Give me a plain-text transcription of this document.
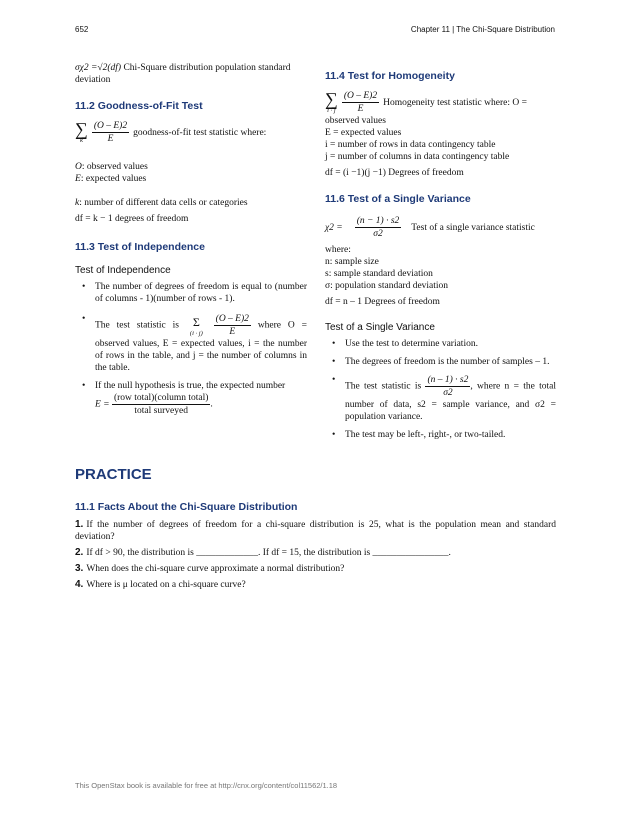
652	Chapter 11 | The Chi-Square Distribution

σχ2 =√2(df) Chi-Square distribution population standard deviation

11.2 Goodness-of-Fit Test
∑
k $\frac{(O - E)2}{E}$ goodness-of-fit test statistic where:

O: observed values

E: expected values

k: number of different data cells or categories

df = k − 1 degrees of freedom

11.3 Test of Independence

Test of Independence

• The number of degrees of freedom is equal to (number of columns - 1)(number of rows - 1).
• The test statistic is Σ
(i · j)
$\frac{(O - E)2}{E}$ where O = observed values, E = expected values, i = the number of rows in the table, and j = the number of columns in the table.
• If the null hypothesis is true, the expected number
$E = \frac{\text{(row total)(column total)}}{\text{total surveyed}}$ .
11.4 Test for Homogeneity
∑
i · j $\frac{(O - E)2}{E}$ Homogeneity test statistic where: O =

observed values

E = expected values

i = number of rows in data contingency table

j = number of columns in data contingency table

df = (i −1)(j −1) Degrees of freedom

11.6 Test of a Single Variance
$\chi 2 = \frac{(n - 1) \cdot s2}{\sigma 2}$ Test of a single variance statistic

where:

n: sample size

s: sample standard deviation

σ: population standard deviation

df = n – 1 Degrees of freedom

Test of a Single Variance

• Use the test to determine variation.
• The degrees of freedom is the number of samples – 1.
• The test statistic is $\frac{(n - 1) \cdot s2}{\sigma 2}$ , where n = the total number of data, s2 = sample variance, and σ2 = population variance.
• The test may be left-, right-, or two-tailed.
PRACTICE
11.1 Facts About the Chi-Square Distribution

1. If the number of degrees of freedom for a chi-square distribution is 25, what is the population mean and standard deviation?

2. If df > 90, the distribution is _____________. If df = 15, the distribution is ________________.

3. When does the chi-square curve approximate a normal distribution?

4. Where is μ located on a chi-square curve?

This OpenStax book is available for free at http://cnx.org/content/col11562/1.18
